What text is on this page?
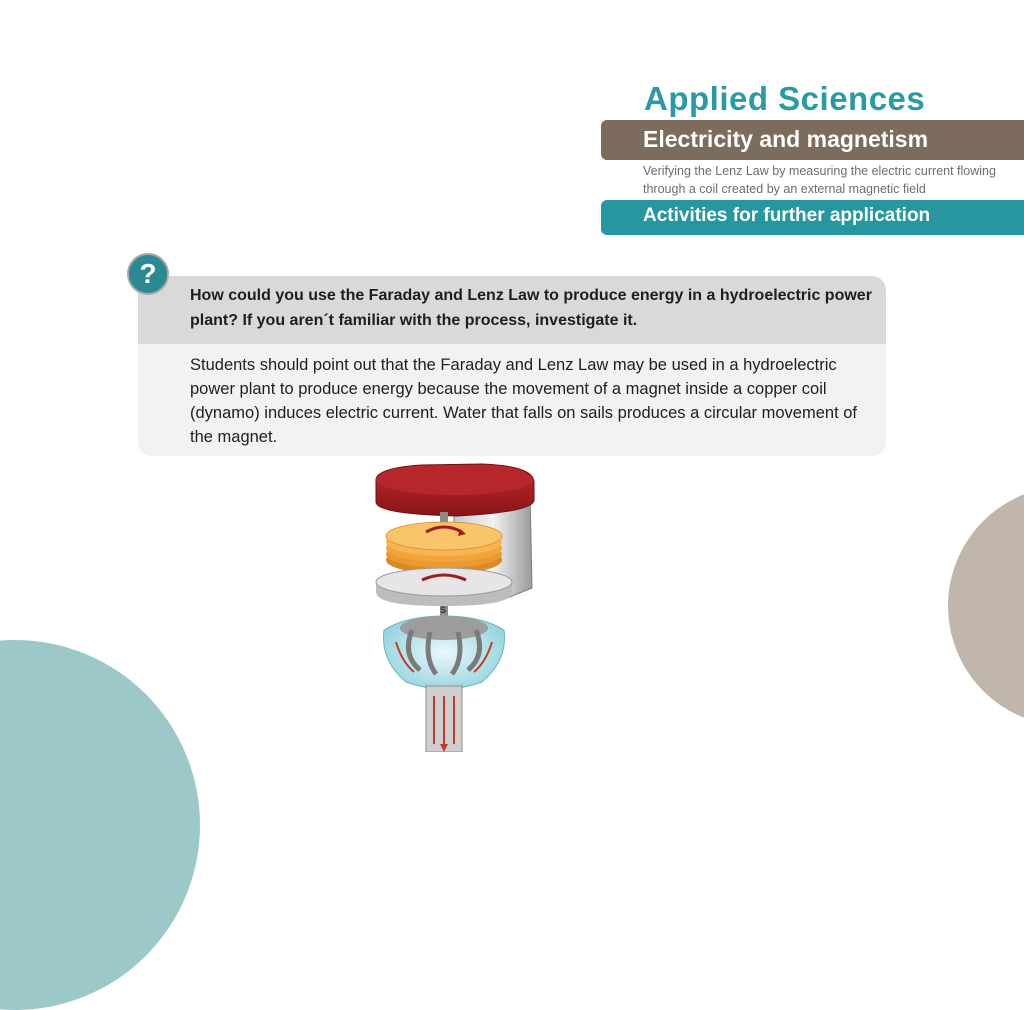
Applied Sciences
Electricity and magnetism
Verifying the Lenz Law by measuring the electric current flowing through a coil created by an external magnetic field
Activities for further application
How could you use the Faraday and Lenz Law to produce energy in a hydroelectric power plant? If you aren´t familiar with the process, investigate it.
Students should point out that the Faraday and Lenz Law may be used in a hydroelectric power plant to produce energy because the movement of a magnet inside a copper coil (dynamo) induces electric current. Water that falls on sails produces a circular movement of the magnet.
?
S
